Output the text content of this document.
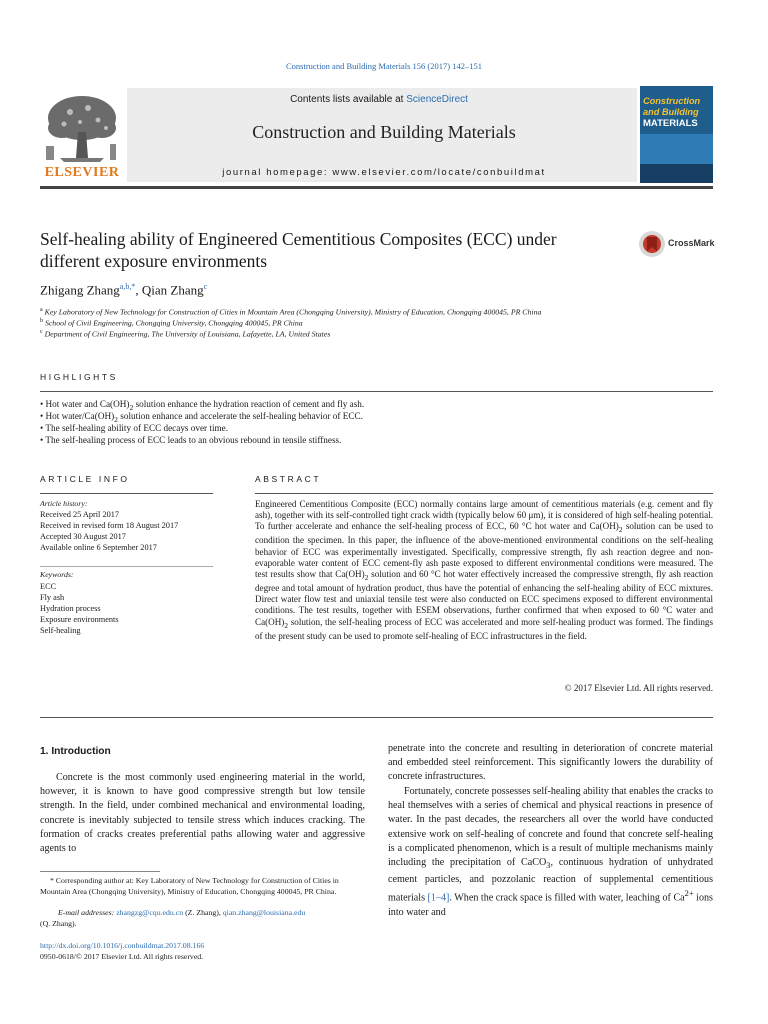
Construction and Building Materials 156 (2017) 142–151
ELSEVIER
Contents lists available at ScienceDirect
Construction and Building Materials
journal homepage: www.elsevier.com/locate/conbuildmat
Construction
and Building
MATERIALS
Self-healing ability of Engineered Cementitious Composites (ECC) under
different exposure environments
CrossMark
Zhigang Zhang$^{a,b,*}$, Qian Zhang$^c$
$^a$ Key Laboratory of New Technology for Construction of Cities in Mountain Area (Chongqing University), Ministry of Education, Chongqing 400045, PR China
$^b$ School of Civil Engineering, Chongqing University, Chongqing 400045, PR China
$^c$ Department of Civil Engineering, The University of Louisiana, Lafayette, LA, United States
HIGHLIGHTS
• Hot water and $Ca(OH)_2$ solution enhance the hydration reaction of cement and fly ash.
• Hot water/$Ca(OH)_2$ solution enhance and accelerate the self-healing behavior of ECC.
• The self-healing ability of ECC decays over time.
• The self-healing process of ECC leads to an obvious rebound in tensile stiffness.
ARTICLE INFO
Article history:
Received 25 April 2017
Received in revised form 18 August 2017
Accepted 30 August 2017
Available online 6 September 2017
Keywords:
ECC
Fly ash
Hydration process
Exposure environments
Self-healing
ABSTRACT
Engineered Cementitious Composite (ECC) normally contains large amount of cementitious materials (e.g. cement and fly ash), together with its self-controlled tight crack width (typically below 60 μm), it is considered of high self-healing potential. To further accelerate and enhance the self-healing process of ECC, 60 °C hot water and $Ca(OH)_2$ solution can be used to condition the specimen. In this paper, the influence of the above-mentioned environmental conditions on the self-healing behavior of ECC was experimentally investigated. Specifically, compressive strength, fly ash reaction degree and non-evaporable water content of ECC cement-fly ash paste exposed to different environmental conditions were measured. The test results show that $Ca(OH)_2$ solution and 60 °C hot water effectively increased the compressive strength, fly ash reaction degree and total amount of hydration product, thus have the potential of enhancing the self-healing ability of ECC mixtures. Direct water flow test and uniaxial tensile test were also conducted on ECC specimens exposed to different environmental conditions. The test results, together with ESEM observations, further confirmed that when exposed to 60 °C water and $Ca(OH)_2$ solution, the self-healing process of ECC was accelerated and more self-healing product was formed. The findings of the present study can be used to promote self-healing of ECC infrastructures in the field.
© 2017 Elsevier Ltd. All rights reserved.
1. Introduction
Concrete is the most commonly used engineering material in the world, however, it is known to have good compressive strength but low tensile strength. In the field, under combined mechanical and environmental loading, concrete is inevitably subjected to tensile stress which induces cracking. The formation of cracks creates preferential paths allowing water and aggressive agents to
penetrate into the concrete and resulting in deterioration of concrete material and embedded steel reinforcement. This significantly lowers the durability of concrete infrastructures.
Fortunately, concrete possesses self-healing ability that enables the cracks to heal themselves with a series of chemical and physical reactions in presence of water. In the past decades, the researchers all over the world have conducted extensive work on self-healing of concrete and found that concrete self-healing is a complicated phenomenon, which is a result of multiple mechanisms mainly including the precipitation of CaCO$_3$, continuous hydration of unhydrated cement particles, and pozzolanic reaction of supplemental cementitious materials [1–4]. When the crack space is filled with water, leaching of $Ca^{2+}$ ions into water and
* Corresponding author at: Key Laboratory of New Technology for Construction of Cities in Mountain Area (Chongqing University), Ministry of Education, Chongqing 400045, PR China.
E-mail addresses: zhangzg@cqu.edu.cn (Z. Zhang), qian.zhang@louisiana.edu
(Q. Zhang).
http://dx.doi.org/10.1016/j.conbuildmat.2017.08.166
0950-0618/© 2017 Elsevier Ltd. All rights reserved.
